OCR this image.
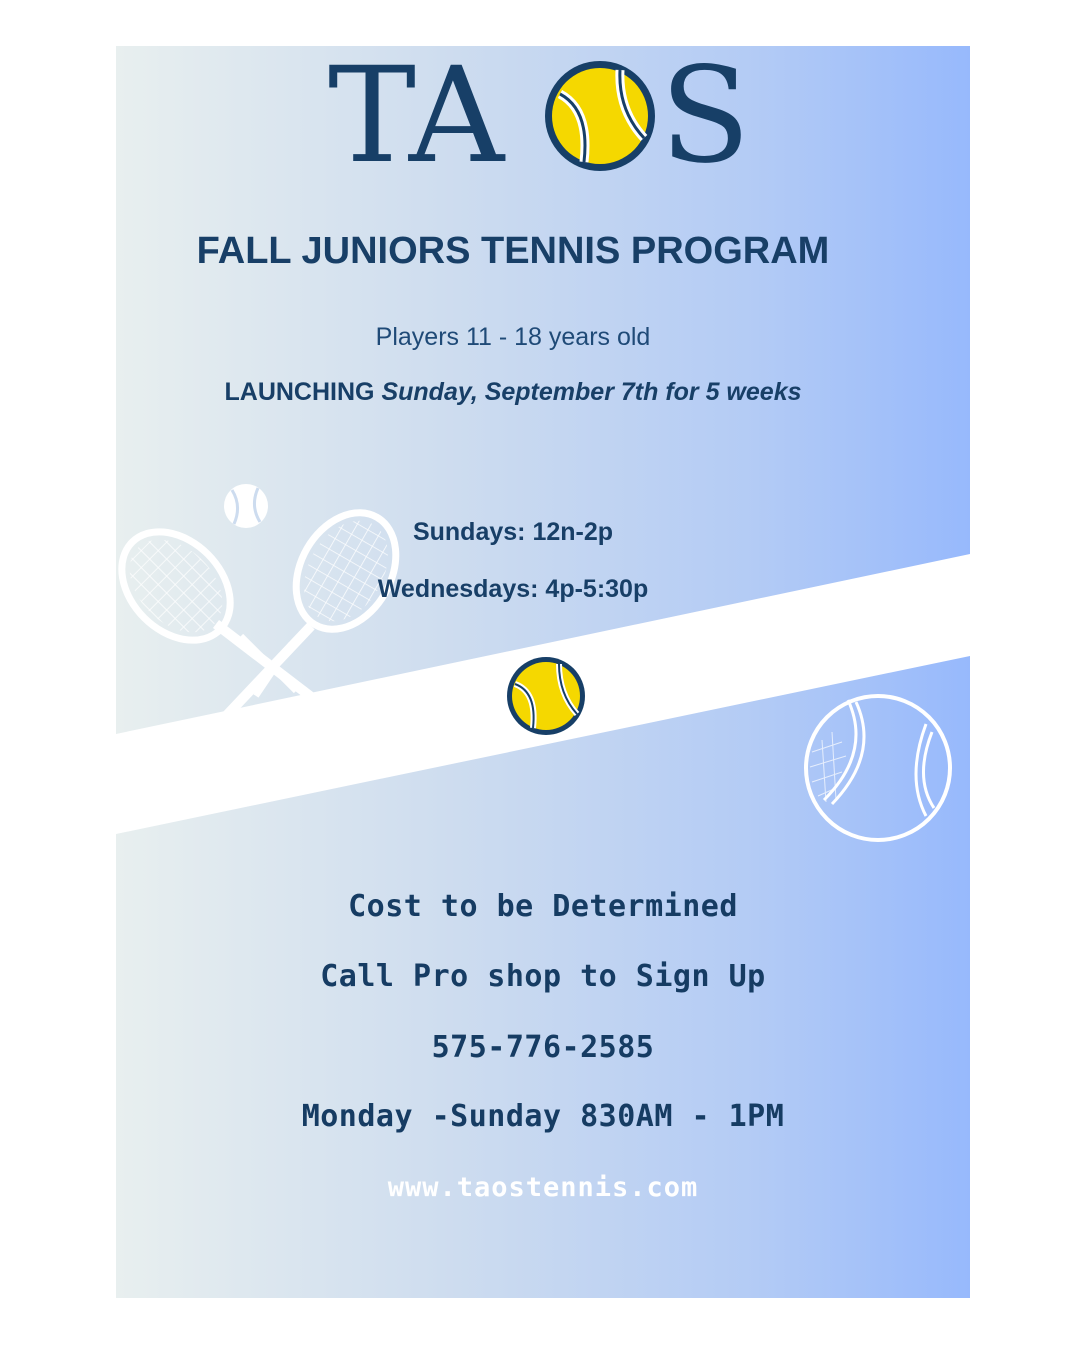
TA S
FALL JUNIORS TENNIS PROGRAM
Players 11 - 18 years old
LAUNCHING Sunday, September 7th for 5 weeks
Sundays: 12n-2p
Wednesdays: 4p-5:30p
Cost to be Determined
Call Pro shop to Sign Up
575-776-2585
Monday -Sunday 830AM - 1PM
www.taostennis.com
